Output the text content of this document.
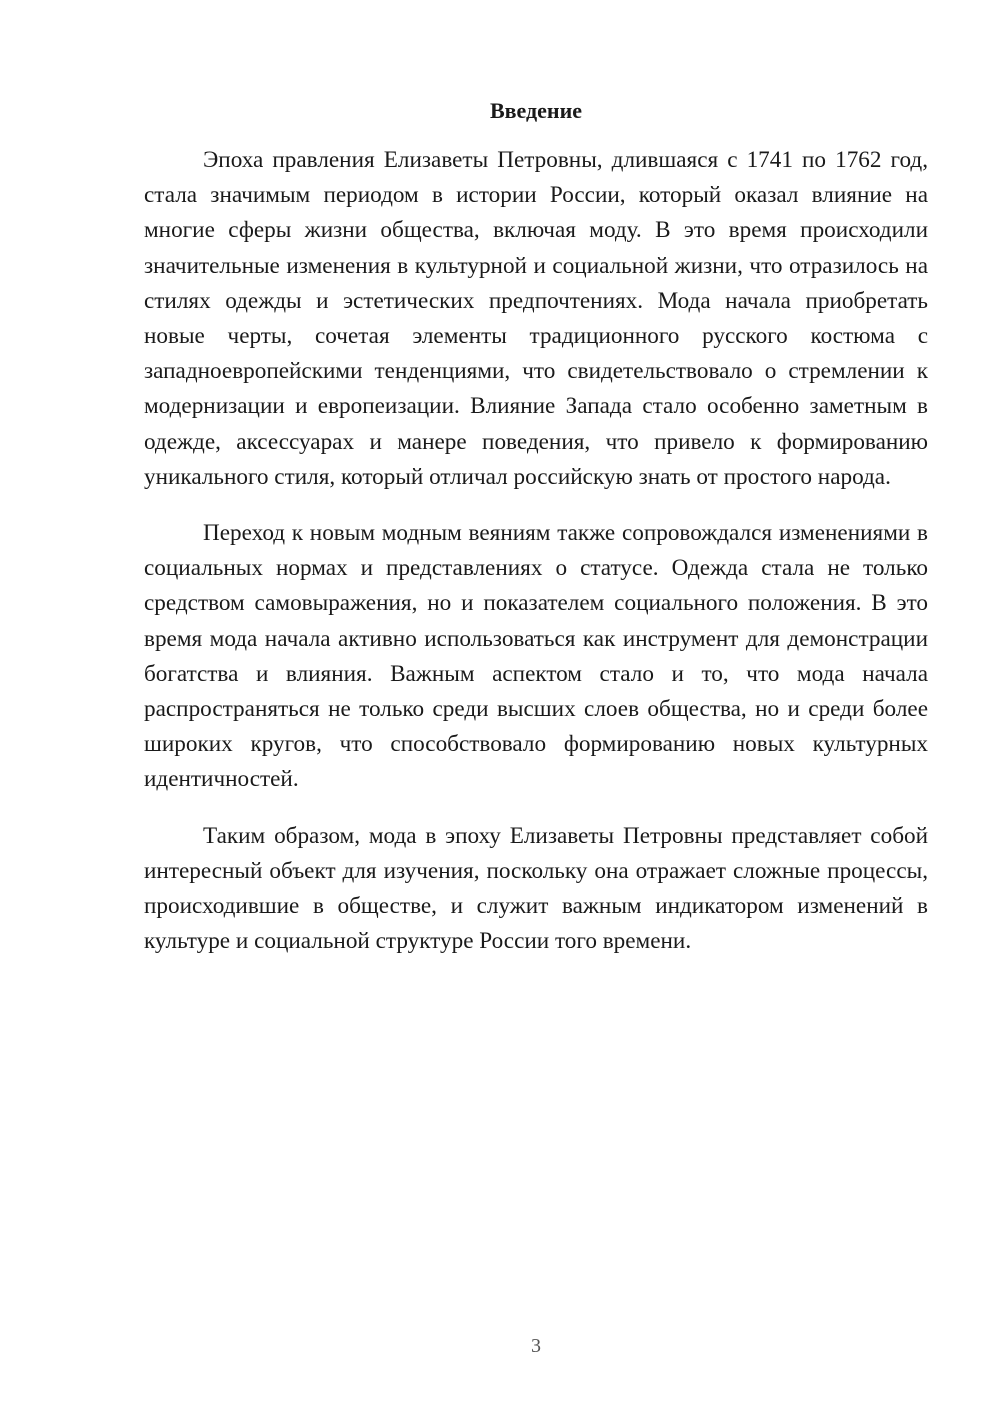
Введение

Эпоха правления Елизаветы Петровны, длившаяся с 1741 по 1762 год, стала значимым периодом в истории России, который оказал влияние на многие сферы жизни общества, включая моду. В это время происходили значительные изменения в культурной и социальной жизни, что отразилось на стилях одежды и эстетических предпочтениях. Мода начала приобретать новые черты, сочетая элементы традиционного русского костюма с западноевропейскими тенденциями, что свидетельствовало о стремлении к модернизации и европеизации. Влияние Запада стало особенно заметным в одежде, аксессуарах и манере поведения, что привело к формированию уникального стиля, который отличал российскую знать от простого народа.

Переход к новым модным веяниям также сопровождался изменениями в социальных нормах и представлениях о статусе. Одежда стала не только средством самовыражения, но и показателем социального положения. В это время мода начала активно использоваться как инструмент для демонстрации богатства и влияния. Важным аспектом стало и то, что мода начала распространяться не только среди высших слоев общества, но и среди более широких кругов, что способствовало формированию новых культурных идентичностей.

Таким образом, мода в эпоху Елизаветы Петровны представляет собой интересный объект для изучения, поскольку она отражает сложные процессы, происходившие в обществе, и служит важным индикатором изменений в культуре и социальной структуре России того времени.

3
